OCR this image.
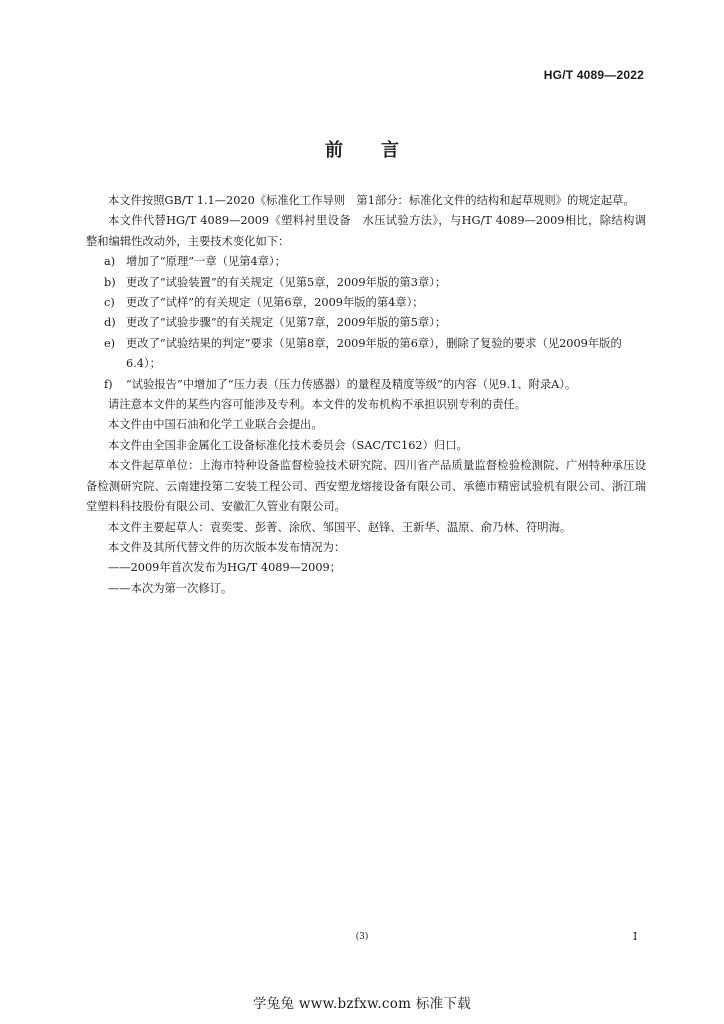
HG/T 4089—2022
前言

本文件按照GB/T 1.1—2020《标准化工作导则　第1部分：标准化文件的结构和起草规则》的规定起草。

本文件代替HG/T 4089—2009《塑料衬里设备　水压试验方法》，与HG/T 4089—2009相比，除结构调整和编辑性改动外，主要技术变化如下：

a) 增加了“原理”一章（见第4章）；

b) 更改了“试验装置”的有关规定（见第5章，2009年版的第3章）；

c) 更改了“试样”的有关规定（见第6章，2009年版的第4章）；

d) 更改了“试验步骤”的有关规定（见第7章，2009年版的第5章）；

e) 更改了“试验结果的判定”要求（见第8章，2009年版的第6章），删除了复验的要求（见2009年版的6.4）；

f) “试验报告”中增加了“压力表（压力传感器）的量程及精度等级”的内容（见9.1、附录A）。

请注意本文件的某些内容可能涉及专利。本文件的发布机构不承担识别专利的责任。

本文件由中国石油和化学工业联合会提出。

本文件由全国非金属化工设备标准化技术委员会（SAC/TC162）归口。

本文件起草单位：上海市特种设备监督检验技术研究院、四川省产品质量监督检验检测院、广州特种承压设备检测研究院、云南建投第二安装工程公司、西安塑龙熔接设备有限公司、承德市精密试验机有限公司、浙江瑞堂塑料科技股份有限公司、安徽汇久管业有限公司。

本文件主要起草人：袁奕雯、彭菁、涂欣、邹国平、赵锋、王新华、温原、俞乃林、符明海。

本文件及其所代替文件的历次版本发布情况为：

——2009年首次发布为HG/T 4089—2009；

——本次为第一次修订。

(3)	I
学兔兔 www.bzfxw.com 标准下载
